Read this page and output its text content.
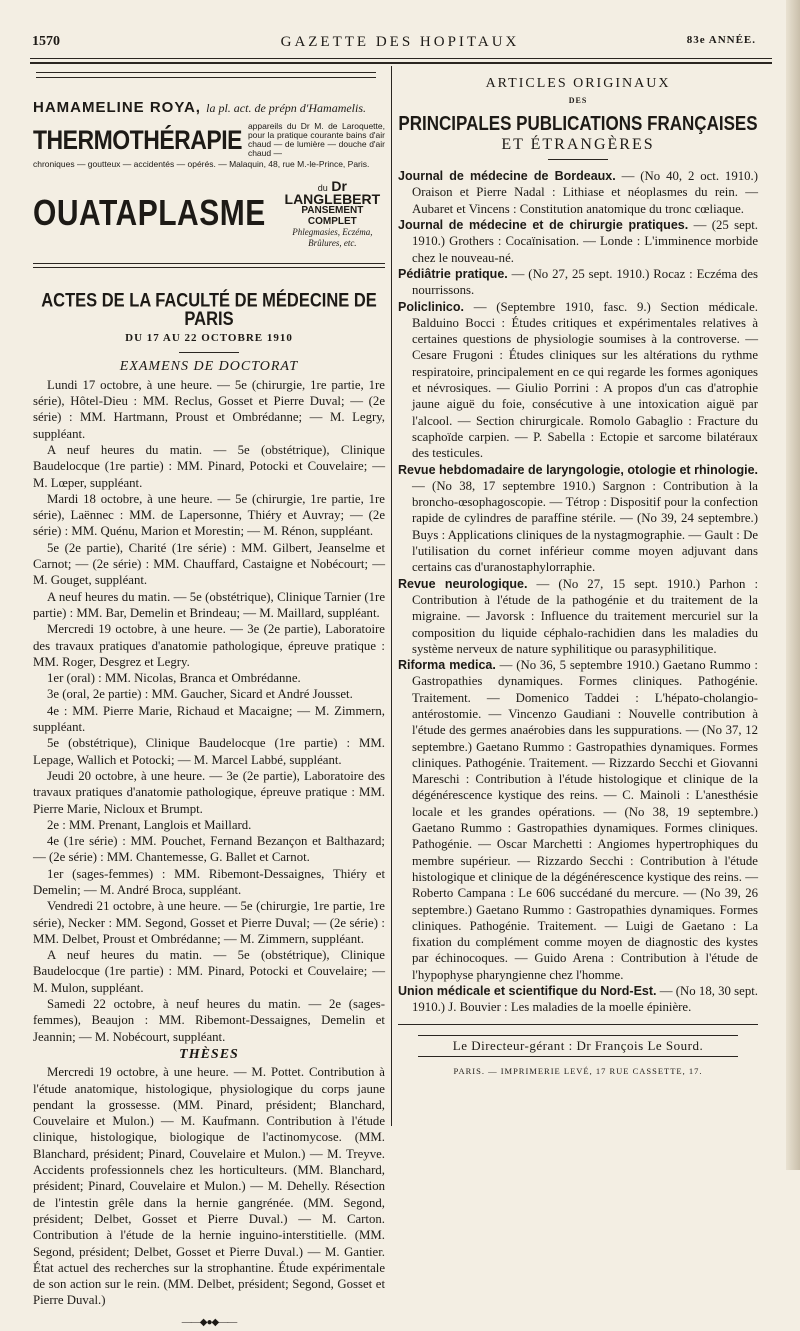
1570	GAZETTE DES HOPITAUX	83e ANNÉE.
HAMAMELINE ROYA, la pl. act. de prépn d'Hamamelis.
THERMOTHÉRAPIE appareils du Dr M. de Laroquette, pour la pratique courante bains d'air chaud — de lumière — douche d'air chaud —
chroniques — goutteux — accidentés — opérés. — Malaquin, 48, rue M.-le-Prince, Paris.
OUATAPLASME
du Dr LANGLEBERT
PANSEMENT COMPLET
Phlegmasies, Eczéma, Brûlures, etc.
ACTES DE LA FACULTÉ DE MÉDECINE DE PARIS
DU 17 AU 22 OCTOBRE 1910
EXAMENS DE DOCTORAT

Lundi 17 octobre, à une heure. — 5e (chirurgie, 1re partie, 1re série), Hôtel-Dieu : MM. Reclus, Gosset et Pierre Duval; — (2e série) : MM. Hartmann, Proust et Ombrédanne; — M. Legry, suppléant.

A neuf heures du matin. — 5e (obstétrique), Clinique Baudelocque (1re partie) : MM. Pinard, Potocki et Couvelaire; — M. Lœper, suppléant.

Mardi 18 octobre, à une heure. — 5e (chirurgie, 1re partie, 1re série), Laënnec : MM. de Lapersonne, Thiéry et Auvray; — (2e série) : MM. Quénu, Marion et Morestin; — M. Rénon, suppléant.

5e (2e partie), Charité (1re série) : MM. Gilbert, Jeanselme et Carnot; — (2e série) : MM. Chauffard, Castaigne et Nobécourt; — M. Gouget, suppléant.

A neuf heures du matin. — 5e (obstétrique), Clinique Tarnier (1re partie) : MM. Bar, Demelin et Brindeau; — M. Maillard, suppléant.

Mercredi 19 octobre, à une heure. — 3e (2e partie), Laboratoire des travaux pratiques d'anatomie pathologique, épreuve pratique : MM. Roger, Desgrez et Legry.

1er (oral) : MM. Nicolas, Branca et Ombrédanne.

3e (oral, 2e partie) : MM. Gaucher, Sicard et André Jousset.

4e : MM. Pierre Marie, Richaud et Macaigne; — M. Zimmern, suppléant.

5e (obstétrique), Clinique Baudelocque (1re partie) : MM. Lepage, Wallich et Potocki; — M. Marcel Labbé, suppléant.

Jeudi 20 octobre, à une heure. — 3e (2e partie), Laboratoire des travaux pratiques d'anatomie pathologique, épreuve pratique : MM. Pierre Marie, Nicloux et Brumpt.

2e : MM. Prenant, Langlois et Maillard.

4e (1re série) : MM. Pouchet, Fernand Bezançon et Balthazard; — (2e série) : MM. Chantemesse, G. Ballet et Carnot.

1er (sages-femmes) : MM. Ribemont-Dessaignes, Thiéry et Demelin; — M. André Broca, suppléant.

Vendredi 21 octobre, à une heure. — 5e (chirurgie, 1re partie, 1re série), Necker : MM. Segond, Gosset et Pierre Duval; — (2e série) : MM. Delbet, Proust et Ombrédanne; — M. Zimmern, suppléant.

A neuf heures du matin. — 5e (obstétrique), Clinique Baudelocque (1re partie) : MM. Pinard, Potocki et Couvelaire; — M. Mulon, suppléant.

Samedi 22 octobre, à neuf heures du matin. — 2e (sages-femmes), Beaujon : MM. Ribemont-Dessaignes, Demelin et Jeannin; — M. Nobécourt, suppléant.

THÈSES

Mercredi 19 octobre, à une heure. — M. Pottet. Contribution à l'étude anatomique, histologique, physiologique du corps jaune pendant la grossesse. (MM. Pinard, président; Blanchard, Couvelaire et Mulon.) — M. Kaufmann. Contribution à l'étude clinique, histologique, biologique de l'actinomycose. (MM. Blanchard, président; Pinard, Couvelaire et Mulon.) — M. Treyve. Accidents professionnels chez les horticulteurs. (MM. Blanchard, président; Pinard, Couvelaire et Mulon.) — M. Dehelly. Résection de l'intestin grêle dans la hernie gangrénée. (MM. Segond, président; Delbet, Gosset et Pierre Duval.) — M. Carton. Contribution à l'étude de la hernie inguino-interstitielle. (MM. Segond, président; Delbet, Gosset et Pierre Duval.) — M. Gantier. État actuel des recherches sur la strophantine. Étude expérimentale de son action sur le rein. (MM. Delbet, président; Segond, Gosset et Pierre Duval.)

——◆●◆——
ARTICLES ORIGINAUX
DES
PRINCIPALES PUBLICATIONS FRANÇAISES
ET ÉTRANGÈRES

Journal de médecine de Bordeaux. — (No 40, 2 oct. 1910.) Oraison et Pierre Nadal : Lithiase et néoplasmes du rein. — Aubaret et Vincens : Constitution anatomique du tronc cœliaque.

Journal de médecine et de chirurgie pratiques. — (25 sept. 1910.) Grothers : Cocaïnisation. — Londe : L'imminence morbide chez le nouveau-né.

Pédiâtrie pratique. — (No 27, 25 sept. 1910.) Rocaz : Eczéma des nourrissons.

Policlinico. — (Septembre 1910, fasc. 9.) Section médicale. Balduino Bocci : Études critiques et expérimentales relatives à certaines questions de physiologie soumises à la controverse. — Cesare Frugoni : Études cliniques sur les altérations du rythme respiratoire, principalement en ce qui regarde les formes agoniques et névrosiques. — Giulio Porrini : A propos d'un cas d'atrophie jaune aiguë du foie, consécutive à une intoxication aiguë par l'alcool. — Section chirurgicale. Romolo Gabaglio : Fracture du scaphoïde carpien. — P. Sabella : Ectopie et sarcome bilatéraux des testicules.

Revue hebdomadaire de laryngologie, otologie et rhinologie. — (No 38, 17 septembre 1910.) Sargnon : Contribution à la broncho-œsophagoscopie. — Tétrop : Dispositif pour la confection rapide de cylindres de paraffine stérile. — (No 39, 24 septembre.) Buys : Applications cliniques de la nystagmographie. — Gault : De l'utilisation du cornet inférieur comme moyen adjuvant dans certains cas d'uranostaphylorraphie.

Revue neurologique. — (No 27, 15 sept. 1910.) Parhon : Contribution à l'étude de la pathogénie et du traitement de la migraine. — Javorsk : Influence du traitement mercuriel sur la composition du liquide céphalo-rachidien dans les maladies du système nerveux de nature syphilitique ou parasyphilitique.

Riforma medica. — (No 36, 5 septembre 1910.) Gaetano Rummo : Gastropathies dynamiques. Formes cliniques. Pathogénie. Traitement. — Domenico Taddei : L'hépato-cholangio-antérostomie. — Vincenzo Gaudiani : Nouvelle contribution à l'étude des germes anaérobies dans les suppurations. — (No 37, 12 septembre.) Gaetano Rummo : Gastropathies dynamiques. Formes cliniques. Pathogénie. Traitement. — Rizzardo Secchi et Giovanni Mareschi : Contribution à l'étude histologique et clinique de la dégénérescence kystique des reins. — C. Mainoli : L'anesthésie locale et les grandes opérations. — (No 38, 19 septembre.) Gaetano Rummo : Gastropathies dynamiques. Formes cliniques. Pathogénie. — Oscar Marchetti : Angiomes hypertrophiques du membre supérieur. — Rizzardo Secchi : Contribution à l'étude histologique et clinique de la dégénérescence kystique des reins. — Roberto Campana : Le 606 succédané du mercure. — (No 39, 26 septembre.) Gaetano Rummo : Gastropathies dynamiques. Formes cliniques. Pathogénie. Traitement. — Luigi de Gaetano : La fixation du complément comme moyen de diagnostic des kystes par échinocoques. — Guido Arena : Contribution à l'étude de l'hypophyse pharyngienne chez l'homme.

Union médicale et scientifique du Nord-Est. — (No 18, 30 sept. 1910.) J. Bouvier : Les maladies de la moelle épinière.

Le Directeur-gérant : Dr François Le Sourd.
PARIS. — IMPRIMERIE LEVÉ, 17 RUE CASSETTE, 17.
